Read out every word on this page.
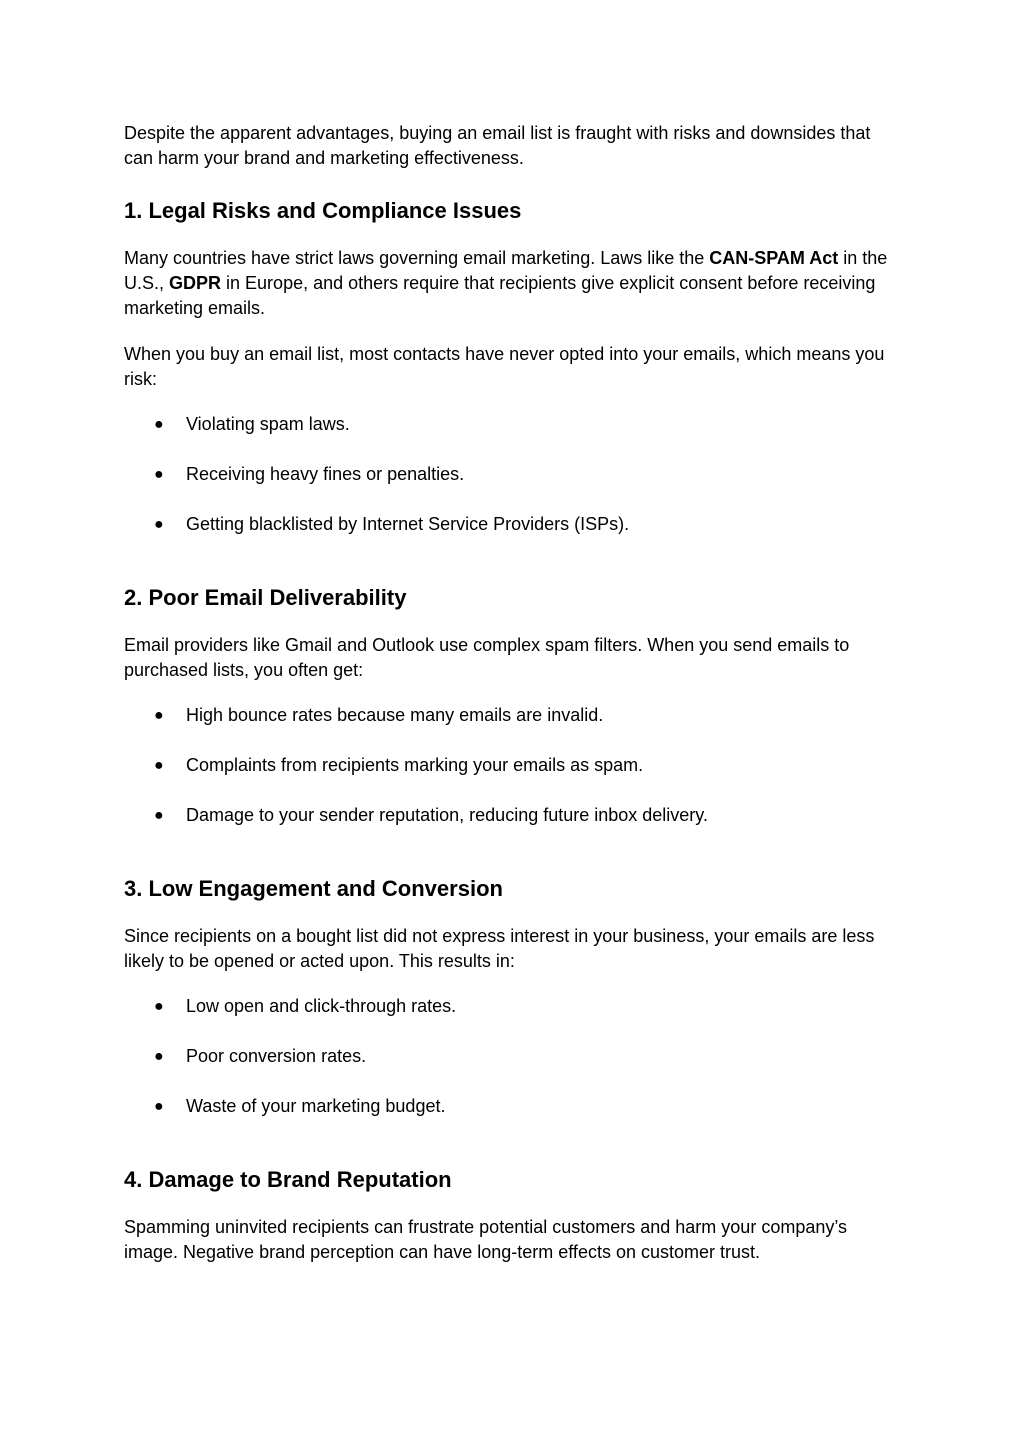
Despite the apparent advantages, buying an email list is fraught with risks and downsides that can harm your brand and marketing effectiveness.

1. Legal Risks and Compliance Issues

Many countries have strict laws governing email marketing. Laws like the CAN-SPAM Act in the U.S., GDPR in Europe, and others require that recipients give explicit consent before receiving marketing emails.

When you buy an email list, most contacts have never opted into your emails, which means you risk:

● Violating spam laws.
● Receiving heavy fines or penalties.
● Getting blacklisted by Internet Service Providers (ISPs).
2. Poor Email Deliverability

Email providers like Gmail and Outlook use complex spam filters. When you send emails to purchased lists, you often get:

● High bounce rates because many emails are invalid.
● Complaints from recipients marking your emails as spam.
● Damage to your sender reputation, reducing future inbox delivery.
3. Low Engagement and Conversion

Since recipients on a bought list did not express interest in your business, your emails are less likely to be opened or acted upon. This results in:

● Low open and click-through rates.
● Poor conversion rates.
● Waste of your marketing budget.
4. Damage to Brand Reputation

Spamming uninvited recipients can frustrate potential customers and harm your company’s image. Negative brand perception can have long-term effects on customer trust.
